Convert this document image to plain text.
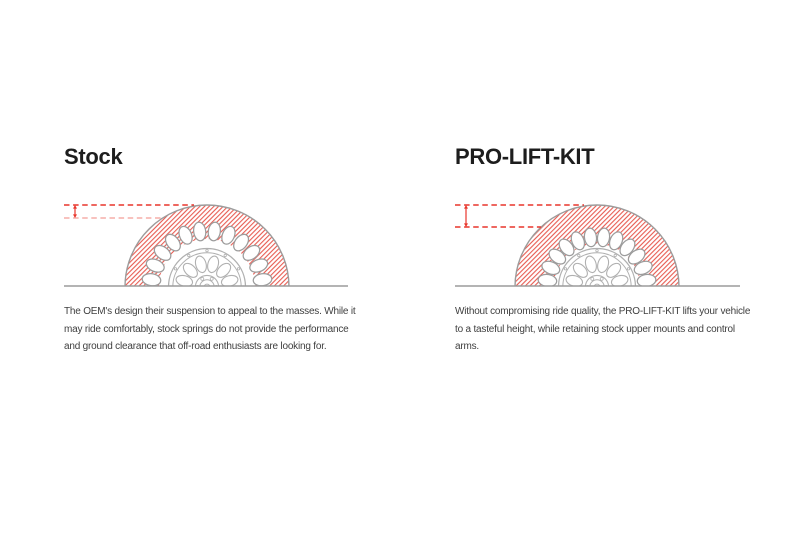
Stock
The OEM's design their suspension to appeal to the masses. While it
may ride comfortably, stock springs do not provide the performance
and ground clearance that off-road enthusiasts are looking for.
PRO-LIFT-KIT
Without compromising ride quality, the PRO-LIFT-KIT lifts your vehicle
to a tasteful height, while retaining stock upper mounts and control
arms.
